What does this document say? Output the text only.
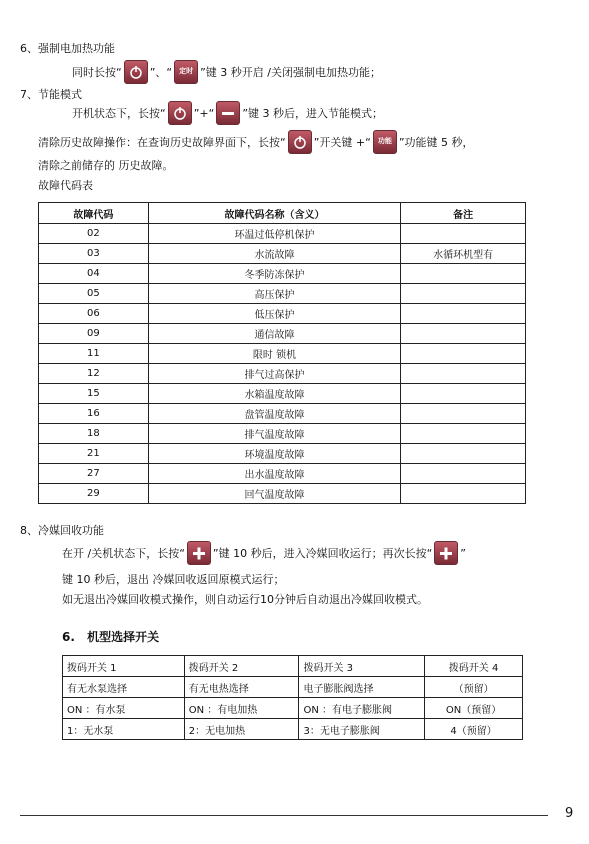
6、强制电加热功能
同时长按“	”、“	定时 ”键 3 秒开启 /关闭强制电加热功能；
7、节能模式
开机状态下，长按“	”+“	”键 3 秒后，进入节能模式；
清除历史故障操作：在查询历史故障界面下，长按“	”开关键 +“	功能 ”功能键 5 秒，
清除之前储存的 历史故障。
故障代码表
故障代码	故障代码名称（含义）	备注
02	环温过低停机保护	
03	水流故障	水循环机型有
04	冬季防冻保护	
05	高压保护	
06	低压保护	
09	通信故障	
11	限时 锁机	
12	排气过高保护	
15	水箱温度故障	
16	盘管温度故障	
18	排气温度故障	
21	环境温度故障	
27	出水温度故障	
29	回气温度故障	
8、冷媒回收功能
在开 /关机状态下，长按“	”键 10 秒后，进入冷媒回收运行；再次长按“	”
键 10 秒后，退出 冷媒回收返回原模式运行；
如无退出冷媒回收模式操作，则自动运行10分钟后自动退出冷媒回收模式。
6. 机型选择开关
拨码开关 1	拨码开关 2	拨码开关 3	拨码开关 4
有无水泵选择	有无电热选择	电子膨胀阀选择	（预留）
ON ：有水泵	ON ：有电加热	ON ：有电子膨胀阀	ON（预留）
1：无水泵	2：无电加热	3：无电子膨胀阀	4（预留）
9
